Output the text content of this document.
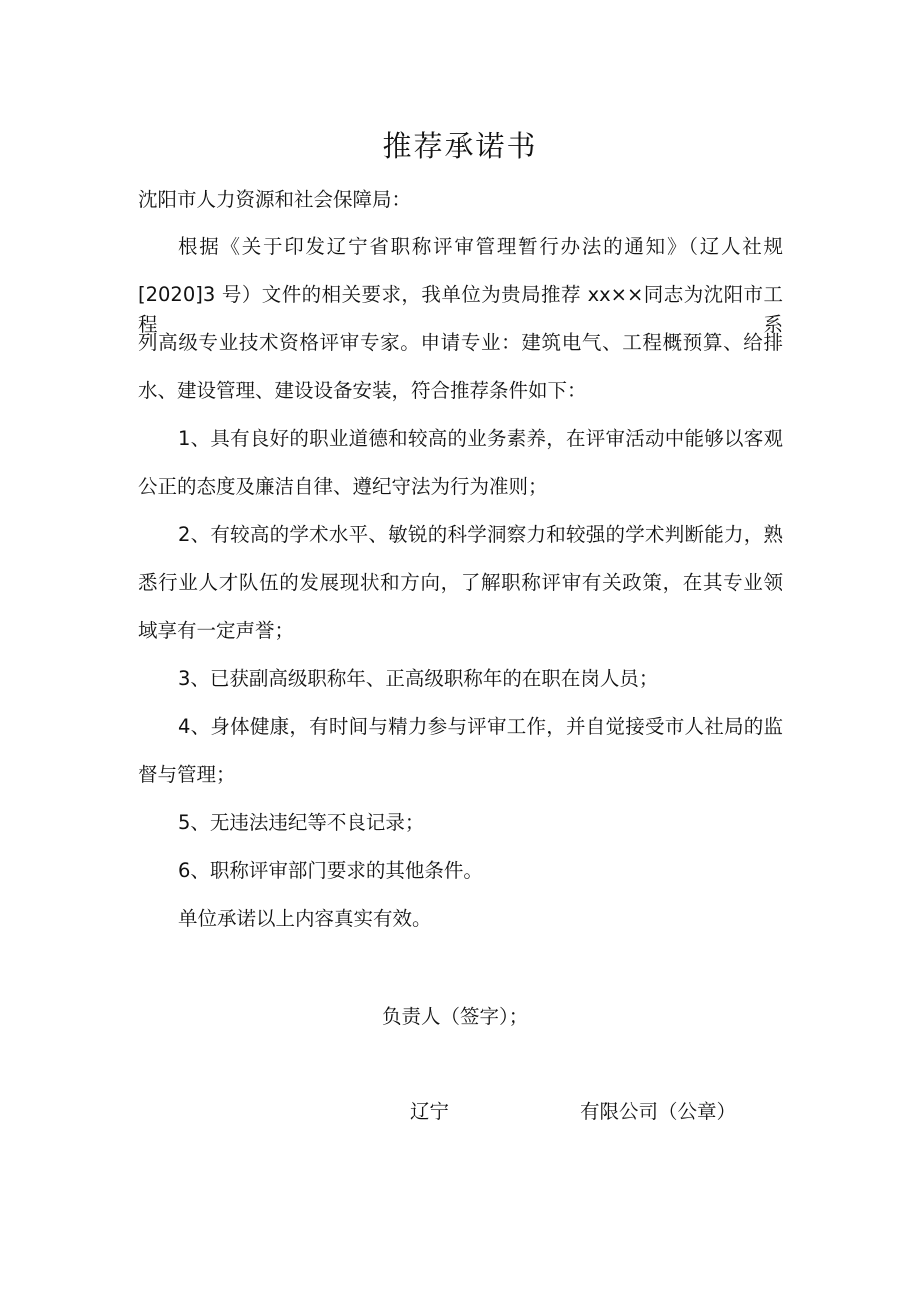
推荐承诺书
沈阳市人力资源和社会保障局：
根据《关于印发辽宁省职称评审管理暂行办法的通知》（辽人社规
[2020]3 号）文件的相关要求，我单位为贵局推荐 xx××同志为沈阳市工程系
列高级专业技术资格评审专家。申请专业：建筑电气、工程概预算、给排
水、建设管理、建设设备安装，符合推荐条件如下：
1、具有良好的职业道德和较高的业务素养，在评审活动中能够以客观
公正的态度及廉洁自律、遵纪守法为行为准则；
2、有较高的学术水平、敏锐的科学洞察力和较强的学术判断能力，熟
悉行业人才队伍的发展现状和方向，了解职称评审有关政策，在其专业领
域享有一定声誉；
3、已获副高级职称年、正高级职称年的在职在岗人员；
4、身体健康，有时间与精力参与评审工作，并自觉接受市人社局的监
督与管理；
5、无违法违纪等不良记录；
6、职称评审部门要求的其他条件。
单位承诺以上内容真实有效。
负责人（签字）；
辽宁	有限公司（公章）
